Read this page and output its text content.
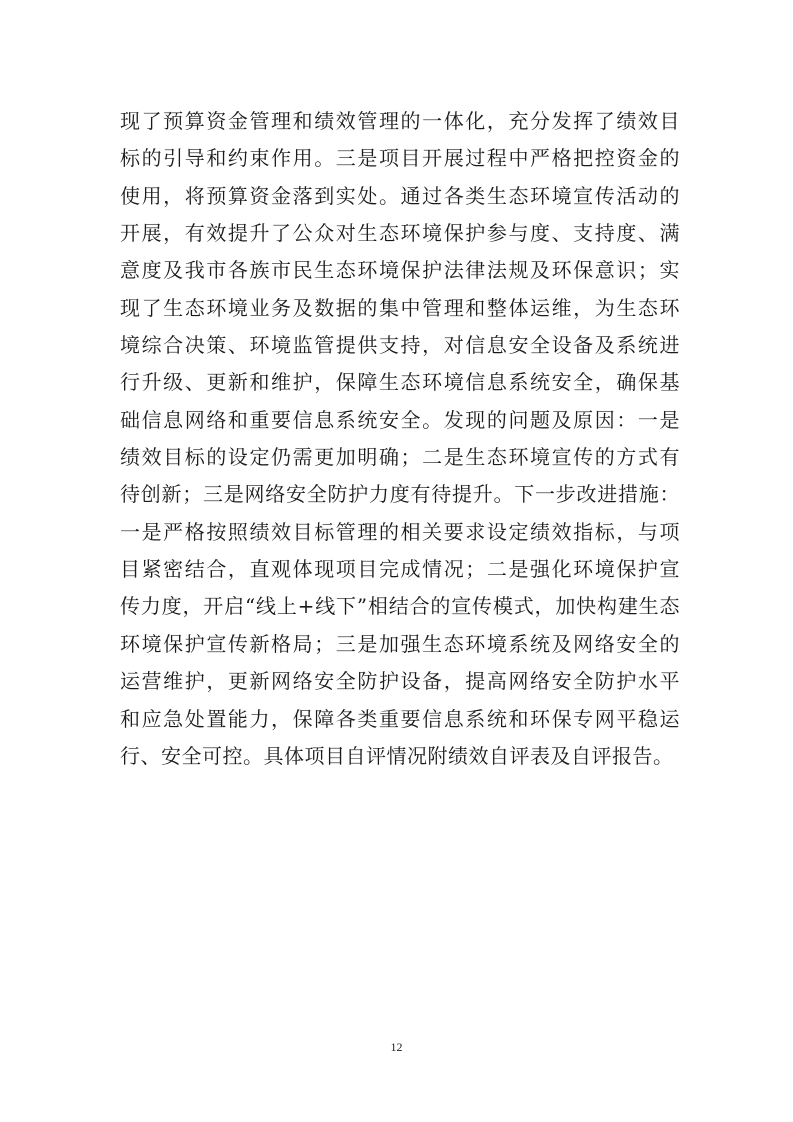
现了预算资金管理和绩效管理的一体化，充分发挥了绩效目
标的引导和约束作用。三是项目开展过程中严格把控资金的
使用，将预算资金落到实处。通过各类生态环境宣传活动的
开展，有效提升了公众对生态环境保护参与度、支持度、满
意度及我市各族市民生态环境保护法律法规及环保意识；实
现了生态环境业务及数据的集中管理和整体运维，为生态环
境综合决策、环境监管提供支持，对信息安全设备及系统进
行升级、更新和维护，保障生态环境信息系统安全，确保基
础信息网络和重要信息系统安全。发现的问题及原因：一是
绩效目标的设定仍需更加明确；二是生态环境宣传的方式有
待创新；三是网络安全防护力度有待提升。下一步改进措施：
一是严格按照绩效目标管理的相关要求设定绩效指标，与项
目紧密结合，直观体现项目完成情况；二是强化环境保护宣
传力度，开启“线上+线下”相结合的宣传模式，加快构建生态
环境保护宣传新格局；三是加强生态环境系统及网络安全的
运营维护，更新网络安全防护设备，提高网络安全防护水平
和应急处置能力，保障各类重要信息系统和环保专网平稳运
行、安全可控。具体项目自评情况附绩效自评表及自评报告。
12
